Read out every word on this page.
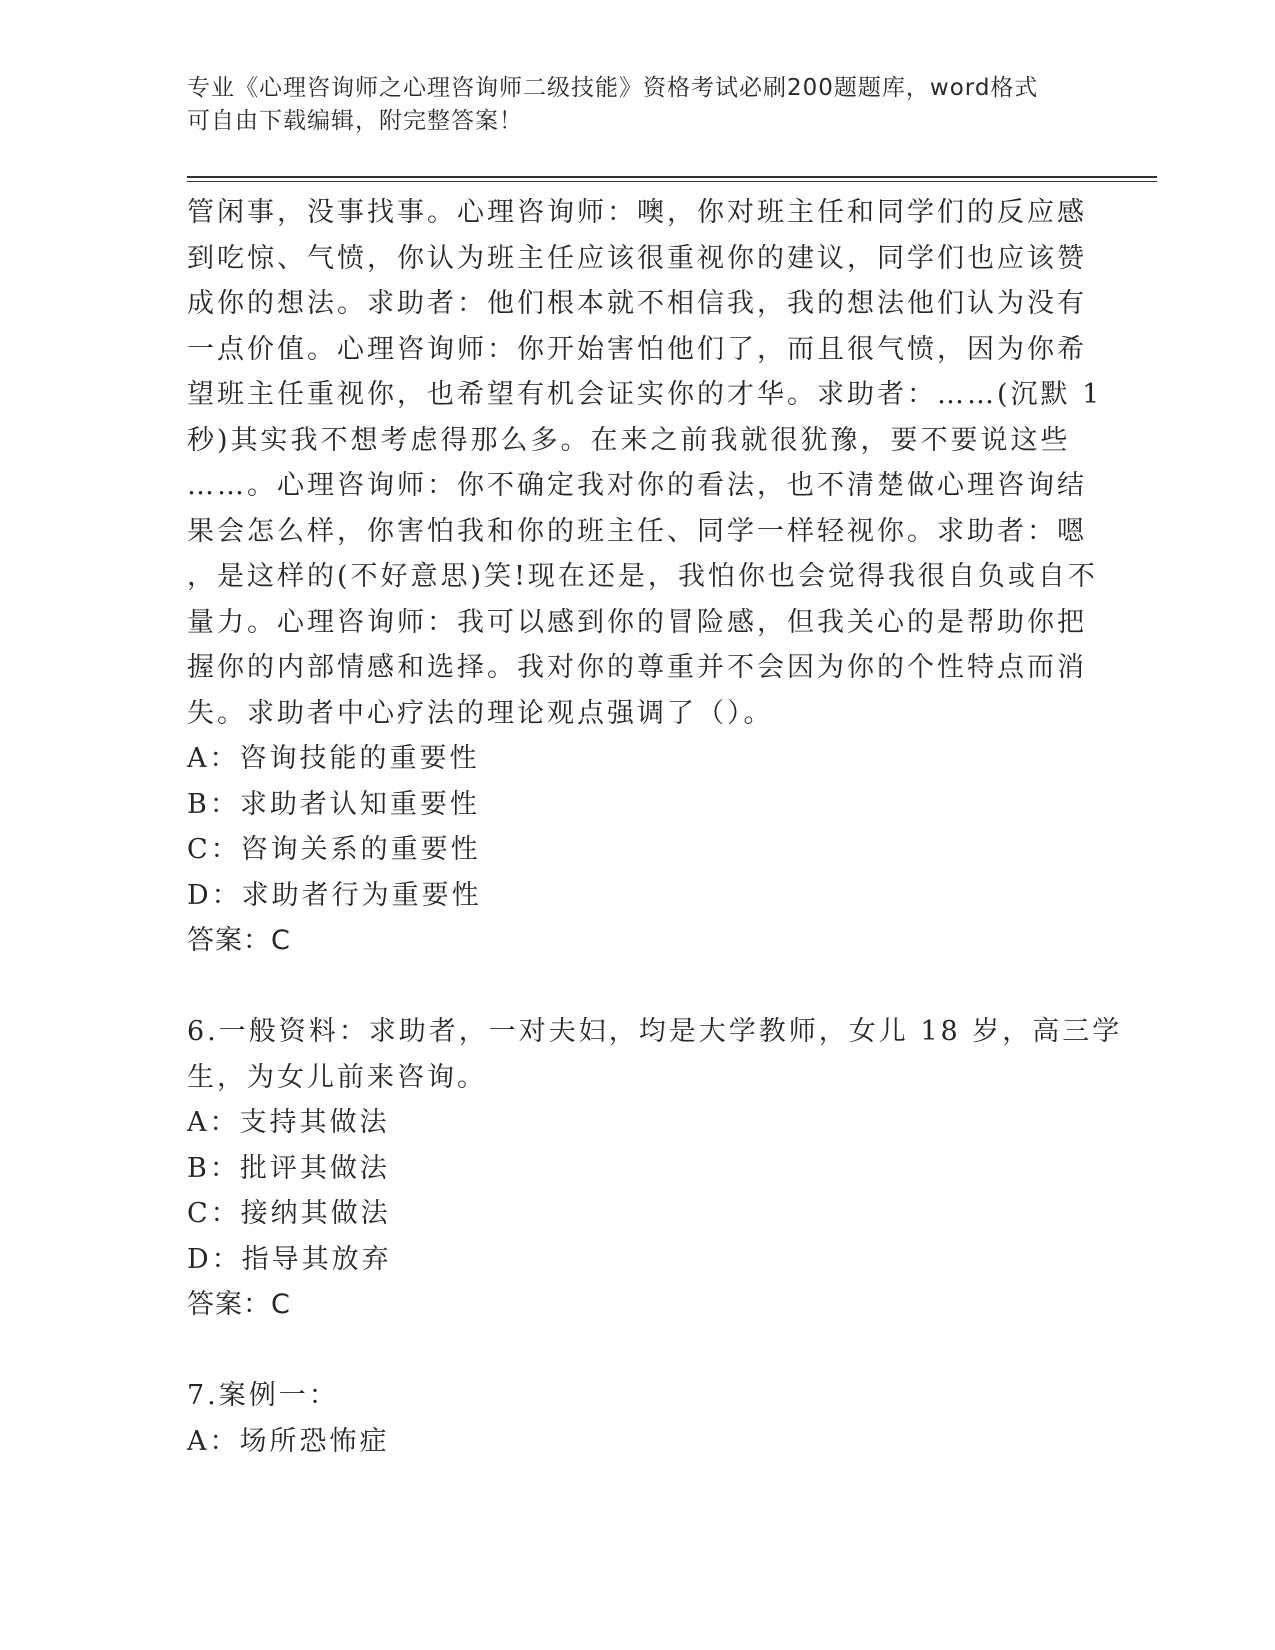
专业《心理咨询师之心理咨询师二级技能》资格考试必刷200题题库，word格式
可自由下载编辑，附完整答案！
管闲事，没事找事。心理咨询师：噢，你对班主任和同学们的反应感
到吃惊、气愤，你认为班主任应该很重视你的建议，同学们也应该赞
成你的想法。求助者：他们根本就不相信我，我的想法他们认为没有
一点价值。心理咨询师：你开始害怕他们了，而且很气愤，因为你希
望班主任重视你，也希望有机会证实你的才华。求助者：……(沉默 1
秒)其实我不想考虑得那么多。在来之前我就很犹豫，要不要说这些
……。心理咨询师：你不确定我对你的看法，也不清楚做心理咨询结
果会怎么样，你害怕我和你的班主任、同学一样轻视你。求助者：嗯
，是这样的(不好意思)笑!现在还是，我怕你也会觉得我很自负或自不
量力。心理咨询师：我可以感到你的冒险感，但我关心的是帮助你把
握你的内部情感和选择。我对你的尊重并不会因为你的个性特点而消
失。求助者中心疗法的理论观点强调了（）。
A：咨询技能的重要性
B：求助者认知重要性
C：咨询关系的重要性
D：求助者行为重要性
答案：C
6.一般资料：求助者，一对夫妇，均是大学教师，女儿 18 岁，高三学
生，为女儿前来咨询。
A：支持其做法
B：批评其做法
C：接纳其做法
D：指导其放弃
答案：C
7.案例一：
A：场所恐怖症
